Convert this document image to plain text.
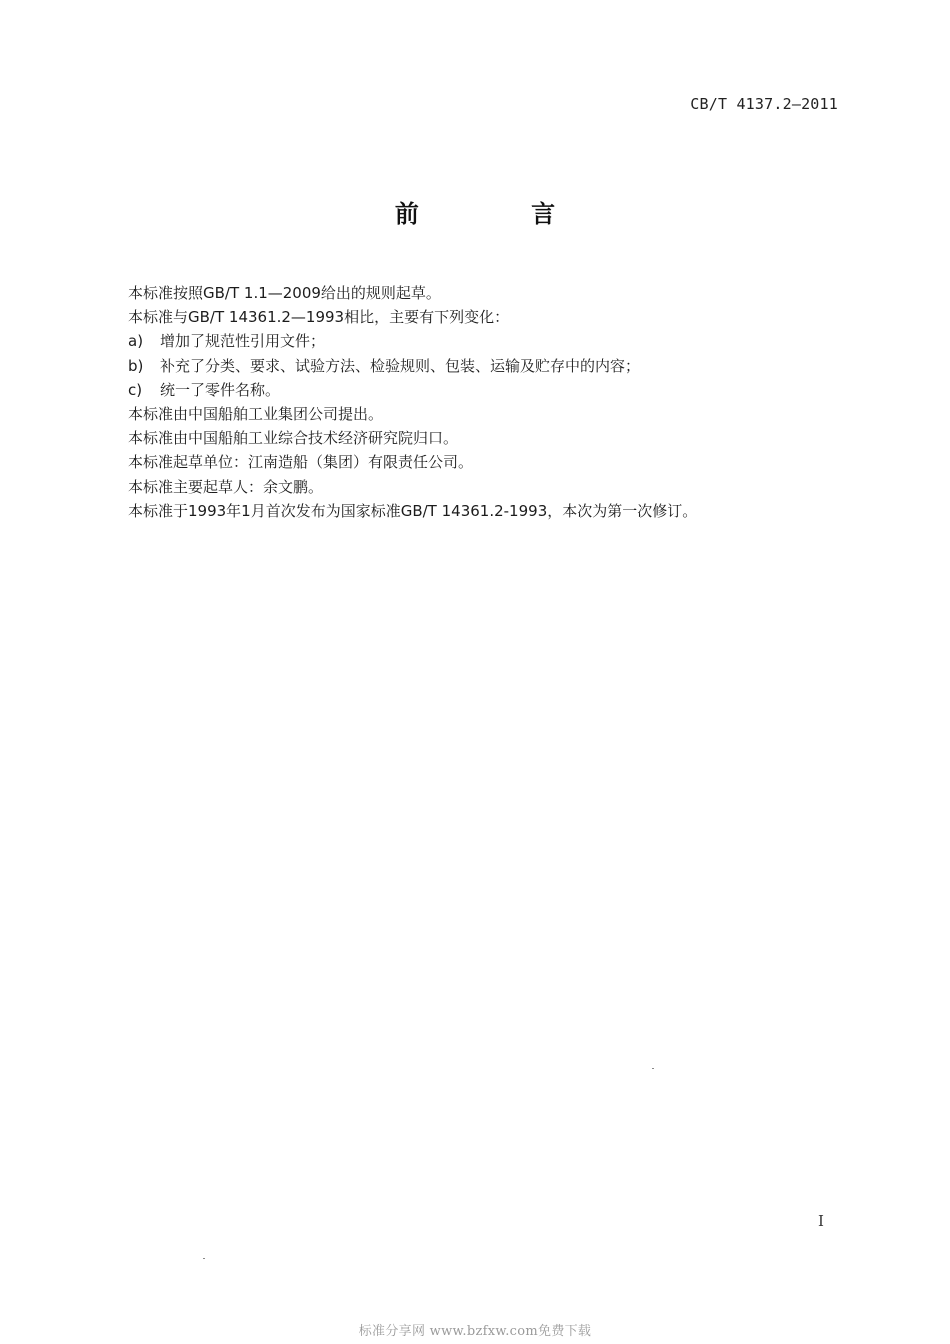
CB/T 4137.2—2011
前 言
本标准按照GB/T 1.1—2009给出的规则起草。
本标准与GB/T 14361.2—1993相比，主要有下列变化：
a)	增加了规范性引用文件；
b)	补充了分类、要求、试验方法、检验规则、包装、运输及贮存中的内容；
c)	统一了零件名称。
本标准由中国船舶工业集团公司提出。
本标准由中国船舶工业综合技术经济研究院归口。
本标准起草单位：江南造船（集团）有限责任公司。
本标准主要起草人：余文鹏。
本标准于1993年1月首次发布为国家标准GB/T 14361.2-1993，本次为第一次修订。
I
标准分享网 www.bzfxw.com免费下载
